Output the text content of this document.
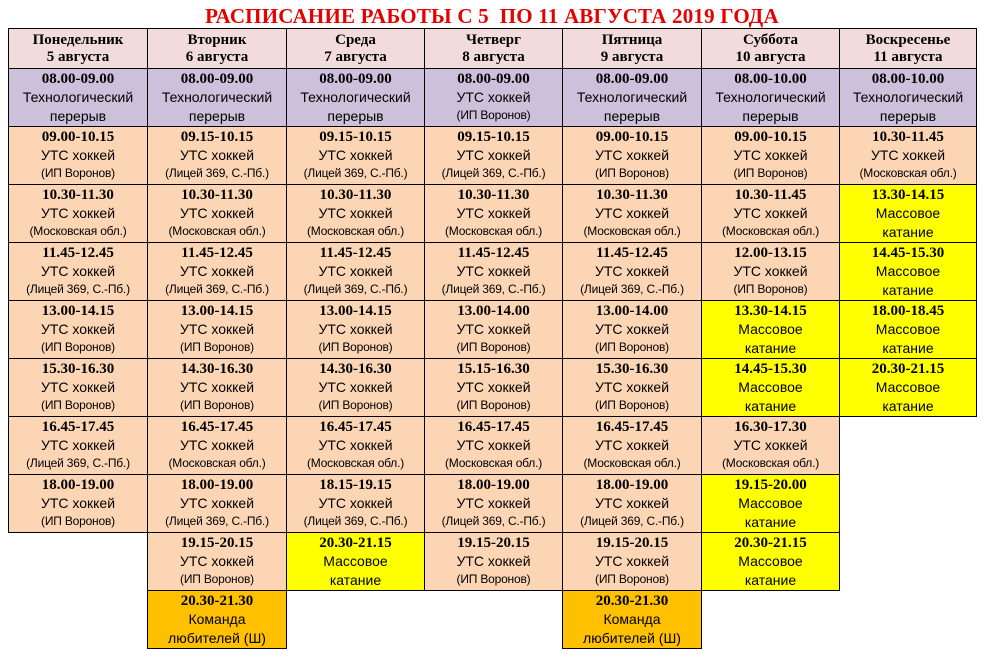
РАСПИСАНИЕ РАБОТЫ С 5  ПО 11 АВГУСТА 2019 ГОДА
Понедельник
5 августа
08.00-09.00
Технологический
перерыв
09.00-10.15
УТС хоккей
(ИП Воронов)
10.30-11.30
УТС хоккей
(Московская обл.)
11.45-12.45
УТС хоккей
(Лицей 369, С.-Пб.)
13.00-14.15
УТС хоккей
(ИП Воронов)
15.30-16.30
УТС хоккей
(ИП Воронов)
16.45-17.45
УТС хоккей
(Лицей 369, С.-Пб.)
18.00-19.00
УТС хоккей
(ИП Воронов)
Вторник
6 августа
08.00-09.00
Технологический
перерыв
09.15-10.15
УТС хоккей
(Лицей 369, С.-Пб.)
10.30-11.30
УТС хоккей
(Московская обл.)
11.45-12.45
УТС хоккей
(Лицей 369, С.-Пб.)
13.00-14.15
УТС хоккей
(ИП Воронов)
14.30-16.30
УТС хоккей
(ИП Воронов)
16.45-17.45
УТС хоккей
(Московская обл.)
18.00-19.00
УТС хоккей
(Лицей 369, С.-Пб.)
19.15-20.15
УТС хоккей
(ИП Воронов)
20.30-21.30
Команда
любителей (Ш)
Среда
7 августа
08.00-09.00
Технологический
перерыв
09.15-10.15
УТС хоккей
(Лицей 369, С.-Пб.)
10.30-11.30
УТС хоккей
(Московская обл.)
11.45-12.45
УТС хоккей
(Лицей 369, С.-Пб.)
13.00-14.15
УТС хоккей
(ИП Воронов)
14.30-16.30
УТС хоккей
(ИП Воронов)
16.45-17.45
УТС хоккей
(Московская обл.)
18.15-19.15
УТС хоккей
(Лицей 369, С.-Пб.)
20.30-21.15
Массовое
катание
Четверг
8 августа
08.00-09.00
УТС хоккей
(ИП Воронов)
09.15-10.15
УТС хоккей
(Лицей 369, С.-Пб.)
10.30-11.30
УТС хоккей
(Московская обл.)
11.45-12.45
УТС хоккей
(Лицей 369, С.-Пб.)
13.00-14.00
УТС хоккей
(ИП Воронов)
15.15-16.30
УТС хоккей
(ИП Воронов)
16.45-17.45
УТС хоккей
(Московская обл.)
18.00-19.00
УТС хоккей
(Лицей 369, С.-Пб.)
19.15-20.15
УТС хоккей
(ИП Воронов)
Пятница
9 августа
08.00-09.00
Технологический
перерыв
09.00-10.15
УТС хоккей
(ИП Воронов)
10.30-11.30
УТС хоккей
(Московская обл.)
11.45-12.45
УТС хоккей
(Лицей 369, С.-Пб.)
13.00-14.00
УТС хоккей
(ИП Воронов)
15.30-16.30
УТС хоккей
(ИП Воронов)
16.45-17.45
УТС хоккей
(Московская обл.)
18.00-19.00
УТС хоккей
(Лицей 369, С.-Пб.)
19.15-20.15
УТС хоккей
(ИП Воронов)
20.30-21.30
Команда
любителей (Ш)
Суббота
10 августа
08.00-10.00
Технологический
перерыв
09.00-10.15
УТС хоккей
(ИП Воронов)
10.30-11.45
УТС хоккей
(Московская обл.)
12.00-13.15
УТС хоккей
(ИП Воронов)
13.30-14.15
Массовое
катание
14.45-15.30
Массовое
катание
16.30-17.30
УТС хоккей
(Московская обл.)
19.15-20.00
Массовое
катание
20.30-21.15
Массовое
катание
Воскресенье
11 августа
08.00-10.00
Технологический
перерыв
10.30-11.45
УТС хоккей
(Московская обл.)
13.30-14.15
Массовое
катание
14.45-15.30
Массовое
катание
18.00-18.45
Массовое
катание
20.30-21.15
Массовое
катание
